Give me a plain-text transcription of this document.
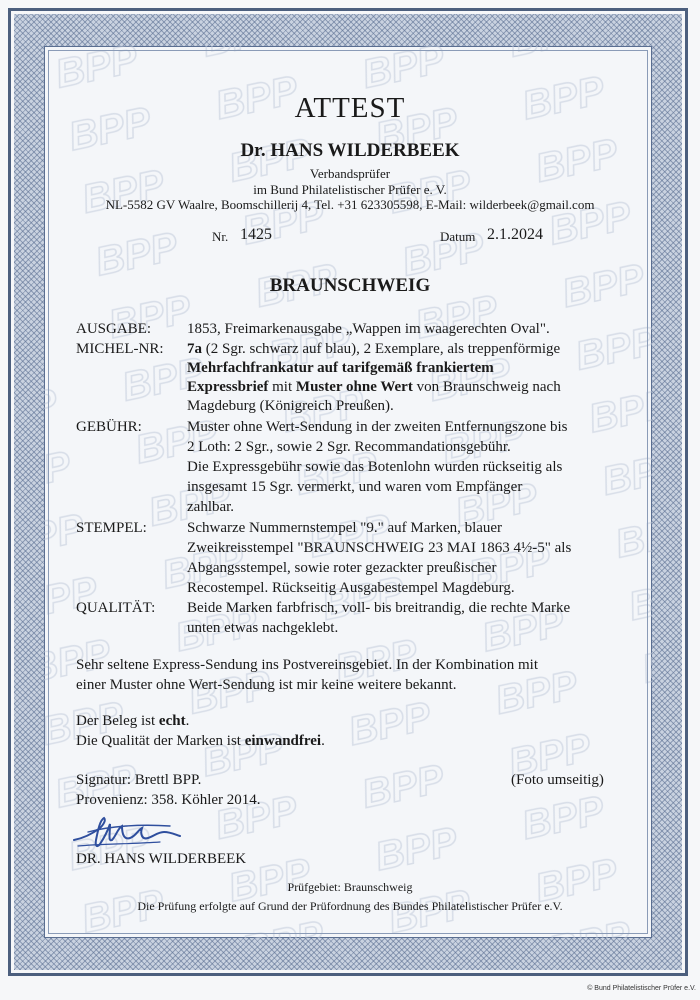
ATTEST
Dr. HANS WILDERBEEK
Verbandsprüfer
im Bund Philatelistischer Prüfer e. V.
NL-5582 GV Waalre, Boomschillerij 4, Tel. +31 623305598, E-Mail: wilderbeek@gmail.com
Nr. 1425	Datum 2.1.2024
BRAUNSCHWEIG
AUSGABE: 1853, Freimarkenausgabe „Wappen im waagerechten Oval".
MICHEL-NR: 7a (2 Sgr. schwarz auf blau), 2 Exemplare, als treppenförmige
Mehrfachfrankatur auf tarifgemäß frankiertem
Expressbrief mit Muster ohne Wert von Braunschweig nach
Magdeburg (Königreich Preußen).
GEBÜHR:	Muster ohne Wert-Sendung in der zweiten Entfernungszone bis
2 Loth: 2 Sgr., sowie 2 Sgr. Recommandationsgebühr.
Die Expressgebühr sowie das Botenlohn wurden rückseitig als
insgesamt 15 Sgr. vermerkt, und waren vom Empfänger
zahlbar.
STEMPEL:	Schwarze Nummernstempel "9." auf Marken, blauer
Zweikreisstempel "BRAUNSCHWEIG 23 MAI 1863 4½-5" als
Abgangsstempel, sowie roter gezackter preußischer
Recostempel. Rückseitig Ausgabestempel Magdeburg.
QUALITÄT: Beide Marken farbfrisch, voll- bis breitrandig, die rechte Marke
unten etwas nachgeklebt.
Sehr seltene Express-Sendung ins Postvereinsgebiet. In der Kombination mit
einer Muster ohne Wert-Sendung ist mir keine weitere bekannt.
Der Beleg ist echt.
Die Qualität der Marken ist einwandfrei.
Signatur: Brettl BPP.	(Foto umseitig)
Provenienz: 358. Köhler 2014.
DR. HANS WILDERBEEK
Prüfgebiet: Braunschweig
Die Prüfung erfolgte auf Grund der Prüfordnung des Bundes Philatelistischer Prüfer e.V.
© Bund Philatelistischer Prüfer e.V.
